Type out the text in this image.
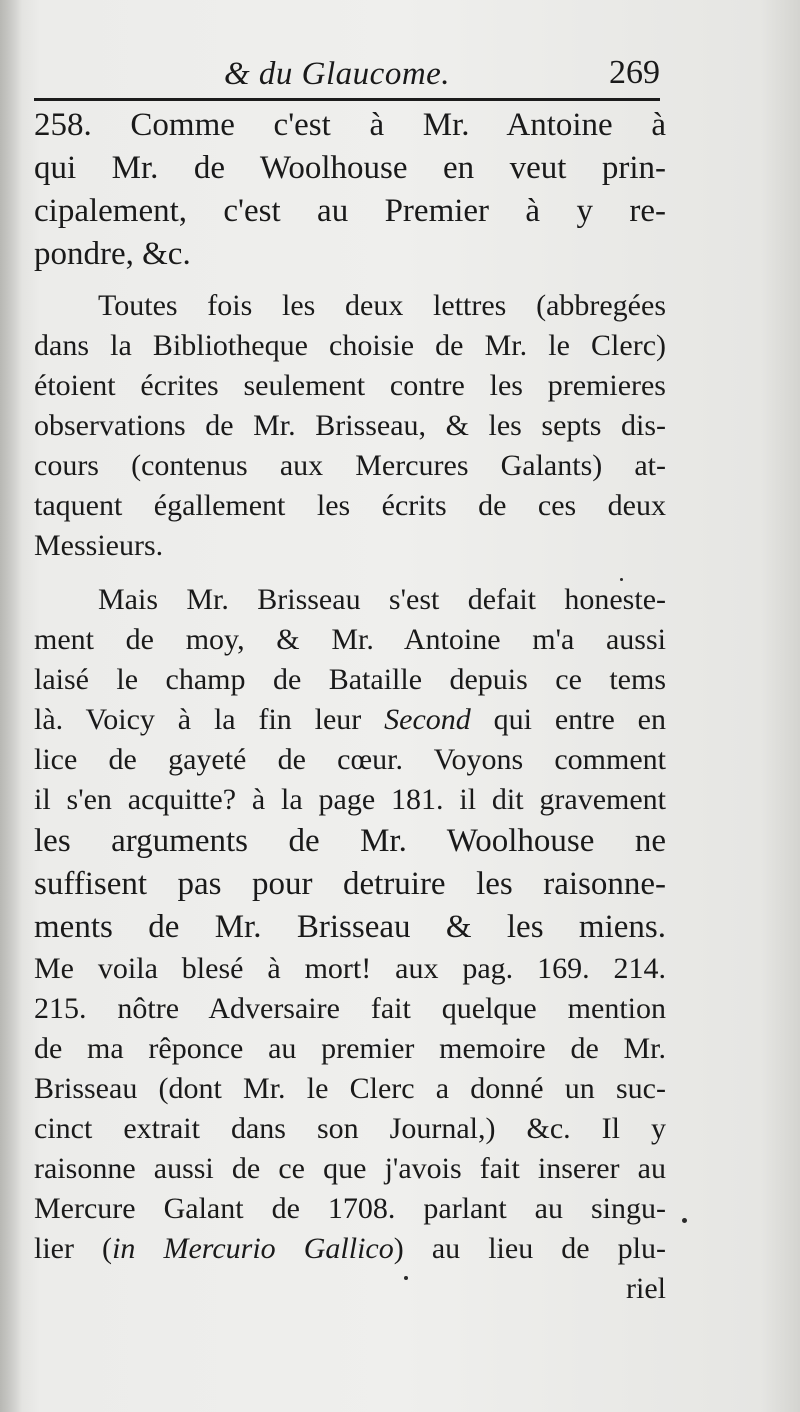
& du Glaucome.	269
258. Comme c'est à Mr. Antoine à
qui Mr. de Woolhouse en veut prin-
cipalement, c'est au Premier à y re-
pondre, &c.
Toutes fois les deux lettres (abbregées
dans la Bibliotheque choisie de Mr. le Clerc)
étoient écrites seulement contre les premieres
observations de Mr. Brisseau, & les septs dis-
cours (contenus aux Mercures Galants) at-
taquent égallement les écrits de ces deux
Messieurs.
Mais Mr. Brisseau s'est defait honeste-
ment de moy, & Mr. Antoine m'a aussi
laisé le champ de Bataille depuis ce tems
là. Voicy à la fin leur Second qui entre en
lice de gayeté de cœur. Voyons comment
il s'en acquitte? à la page 181. il dit gravement
les arguments de Mr. Woolhouse ne
suffisent pas pour detruire les raisonne-
ments de Mr. Brisseau & les miens.
Me voila blesé à mort! aux pag. 169. 214.
215. nôtre Adversaire fait quelque mention
de ma rêponce au premier memoire de Mr.
Brisseau (dont Mr. le Clerc a donné un suc-
cinct extrait dans son Journal,) &c. Il y
raisonne aussi de ce que j'avois fait inserer au
Mercure Galant de 1708. parlant au singu-
lier (in Mercurio Gallico) au lieu de plu-
riel
